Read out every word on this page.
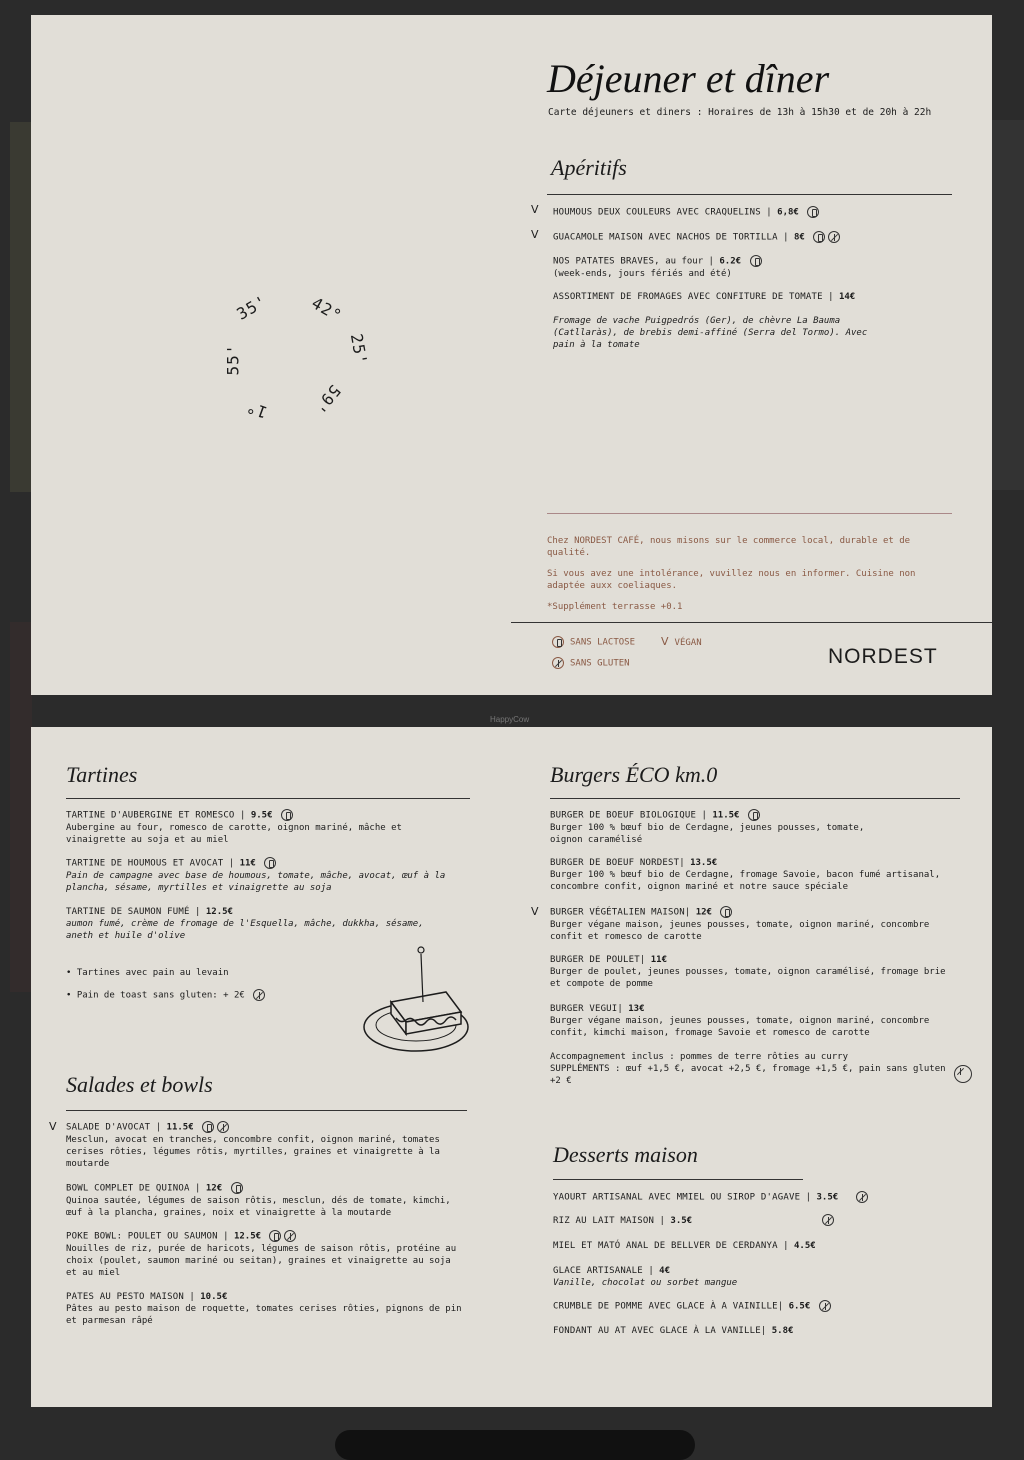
Déjeuner et dîner
Carte déjeuners et diners : Horaires de 13h à 15h30 et de 20h à 22h
42°
25'
59'
1°
55'
35'
Apéritifs
ᐯ HOUMOUS DEUX COULEURS AVEC CRAQUELINS | 6,8€
ᐯ GUACAMOLE MAISON AVEC NACHOS DE TORTILLA | 8€
NOS PATATES BRAVES, au four | 6.2€
(week-ends, jours fériés and été)
ASSORTIMENT DE FROMAGES AVEC CONFITURE DE TOMATE | 14€
Fromage de vache Puigpedrós (Ger), de chèvre La Bauma (Catllaràs), de brebis demi-affiné (Serra del Tormo). Avec pain à la tomate
Chez NORDEST CAFÉ, nous misons sur le commerce local, durable et de qualité.
Si vous avez une intolérance, vuvillez nous en informer. Cuisine non adaptée auxx coeliaques.
*Supplément terrasse +0.1
SANS LACTOSE ᐯ VÉGAN
SANS GLUTEN	NORDEST
HappyCow
Tartines
TARTINE D'AUBERGINE ET ROMESCO | 9.5€
Aubergine au four, romesco de carotte, oignon mariné, mâche et vinaigrette au soja et au miel
TARTINE DE HOUMOUS ET AVOCAT | 11€
Pain de campagne avec base de houmous, tomate, mâche, avocat, œuf à la plancha, sésame, myrtilles et vinaigrette au soja
TARTINE DE SAUMON FUMÉ | 12.5€
aumon fumé, crème de fromage de l'Esquella, mâche, dukkha, sésame, aneth et huile d'olive
• Tartines avec pain au levain
• Pain de toast sans gluten: + 2€
Salades et bowls
ᐯ SALADE D'AVOCAT | 11.5€
Mesclun, avocat en tranches, concombre confit, oignon mariné, tomates cerises rôties, légumes rôtis, myrtilles, graines et vinaigrette à la moutarde
BOWL COMPLET DE QUINOA | 12€
Quinoa sautée, légumes de saison rôtis, mesclun, dés de tomate, kimchi, œuf à la plancha, graines, noix et vinaigrette à la moutarde
POKE BOWL: POULET OU SAUMON | 12.5€
Nouilles de riz, purée de haricots, légumes de saison rôtis, protéine au choix (poulet, saumon mariné ou seitan), graines et vinaigrette au soja et au miel
PATES AU PESTO MAISON | 10.5€
Pâtes au pesto maison de roquette, tomates cerises rôties, pignons de pin et parmesan râpé
Burgers ÉCO km.0
BURGER DE BOEUF BIOLOGIQUE | 11.5€
Burger 100 % bœuf bio de Cerdagne, jeunes pousses, tomate, oignon caramélisé
BURGER DE BOEUF NORDEST| 13.5€
Burger 100 % bœuf bio de Cerdagne, fromage Savoie, bacon fumé artisanal, concombre confit, oignon mariné et notre sauce spéciale
ᐯ BURGER VÉGÉTALIEN MAISON| 12€
Burger végane maison, jeunes pousses, tomate, oignon mariné, concombre confit et romesco de carotte
BURGER DE POULET| 11€
Burger de poulet, jeunes pousses, tomate, oignon caramélisé, fromage brie et compote de pomme
BURGER VEGUI| 13€
Burger végane maison, jeunes pousses, tomate, oignon mariné, concombre confit, kimchi maison, fromage Savoie et romesco de carotte
Accompagnement inclus : pommes de terre rôties au curry
SUPPLÉMENTS : œuf +1,5 €, avocat +2,5 €, fromage +1,5 €, pain sans gluten +2 €
Desserts maison
YAOURT ARTISANAL AVEC MMIEL OU SIROP D'AGAVE | 3.5€
RIZ AU LAIT MAISON | 3.5€
MIEL ET MATÓ ANAL DE BELLVER DE CERDANYA | 4.5€
GLACE ARTISANALE | 4€
Vanille, chocolat ou sorbet mangue
CRUMBLE DE POMME AVEC GLACE À A VAINILLE| 6.5€
FONDANT AU AT AVEC GLACE À LA VANILLE| 5.8€
